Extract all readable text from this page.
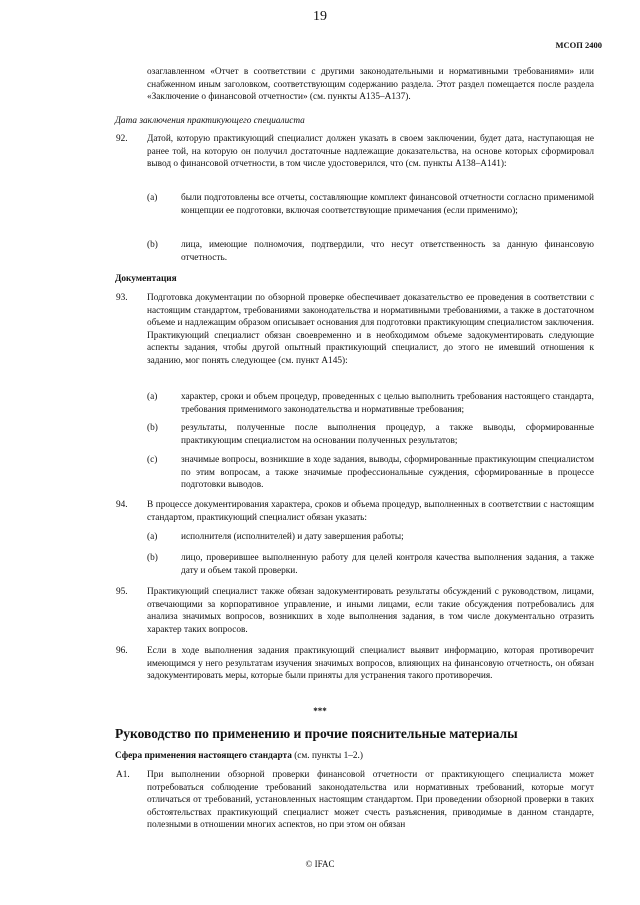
19
МСОП 2400
озаглавленном «Отчет в соответствии с другими законодательными и нормативными требованиями» или снабженном иным заголовком, соответствующим содержанию раздела. Этот раздел помещается после раздела «Заключение о финансовой отчетности» (см. пункты A135–A137).
Дата заключения практикующего специалиста
92.	Датой, которую практикующий специалист должен указать в своем заключении, будет дата, наступающая не ранее той, на которую он получил достаточные надлежащие доказательства, на основе которых сформировал вывод о финансовой отчетности, в том числе удостоверился, что (см. пункты A138–A141):
(a)	были подготовлены все отчеты, составляющие комплект финансовой отчетности согласно применимой концепции ее подготовки, включая соответствующие примечания (если применимо);
(b)	лица, имеющие полномочия, подтвердили, что несут ответственность за данную финансовую отчетность.
Документация
93.	Подготовка документации по обзорной проверке обеспечивает доказательство ее проведения в соответствии с настоящим стандартом, требованиями законодательства и нормативными требованиями, а также в достаточном объеме и надлежащим образом описывает основания для подготовки практикующим специалистом заключения. Практикующий специалист обязан своевременно и в необходимом объеме задокументировать следующие аспекты задания, чтобы другой опытный практикующий специалист, до этого не имевший отношения к заданию, мог понять следующее (см. пункт A145):
(a)	характер, сроки и объем процедур, проведенных с целью выполнить требования настоящего стандарта, требования применимого законодательства и нормативные требования;
(b)	результаты, полученные после выполнения процедур, а также выводы, сформированные практикующим специалистом на основании полученных результатов;
(c)	значимые вопросы, возникшие в ходе задания, выводы, сформированные практикующим специалистом по этим вопросам, а также значимые профессиональные суждения, сформированные в процессе подготовки выводов.
94.	В процессе документирования характера, сроков и объема процедур, выполненных в соответствии с настоящим стандартом, практикующий специалист обязан указать:
(a)	исполнителя (исполнителей) и дату завершения работы;
(b)	лицо, проверившее выполненную работу для целей контроля качества выполнения задания, а также дату и объем такой проверки.
95.	Практикующий специалист также обязан задокументировать результаты обсуждений с руководством, лицами, отвечающими за корпоративное управление, и иными лицами, если такие обсуждения потребовались для анализа значимых вопросов, возникших в ходе выполнения задания, в том числе документально отразить характер таких вопросов.
96.	Если в ходе выполнения задания практикующий специалист выявит информацию, которая противоречит имеющимся у него результатам изучения значимых вопросов, влияющих на финансовую отчетность, он обязан задокументировать меры, которые были приняты для устранения такого противоречия.
***
Руководство по применению и прочие пояснительные материалы
Сфера применения настоящего стандарта (см. пункты 1–2.)
A1.	При выполнении обзорной проверки финансовой отчетности от практикующего специалиста может потребоваться соблюдение требований законодательства или нормативных требований, которые могут отличаться от требований, установленных настоящим стандартом. При проведении обзорной проверки в таких обстоятельствах практикующий специалист может счесть разъяснения, приводимые в данном стандарте, полезными в отношении многих аспектов, но при этом он обязан
© IFAC
